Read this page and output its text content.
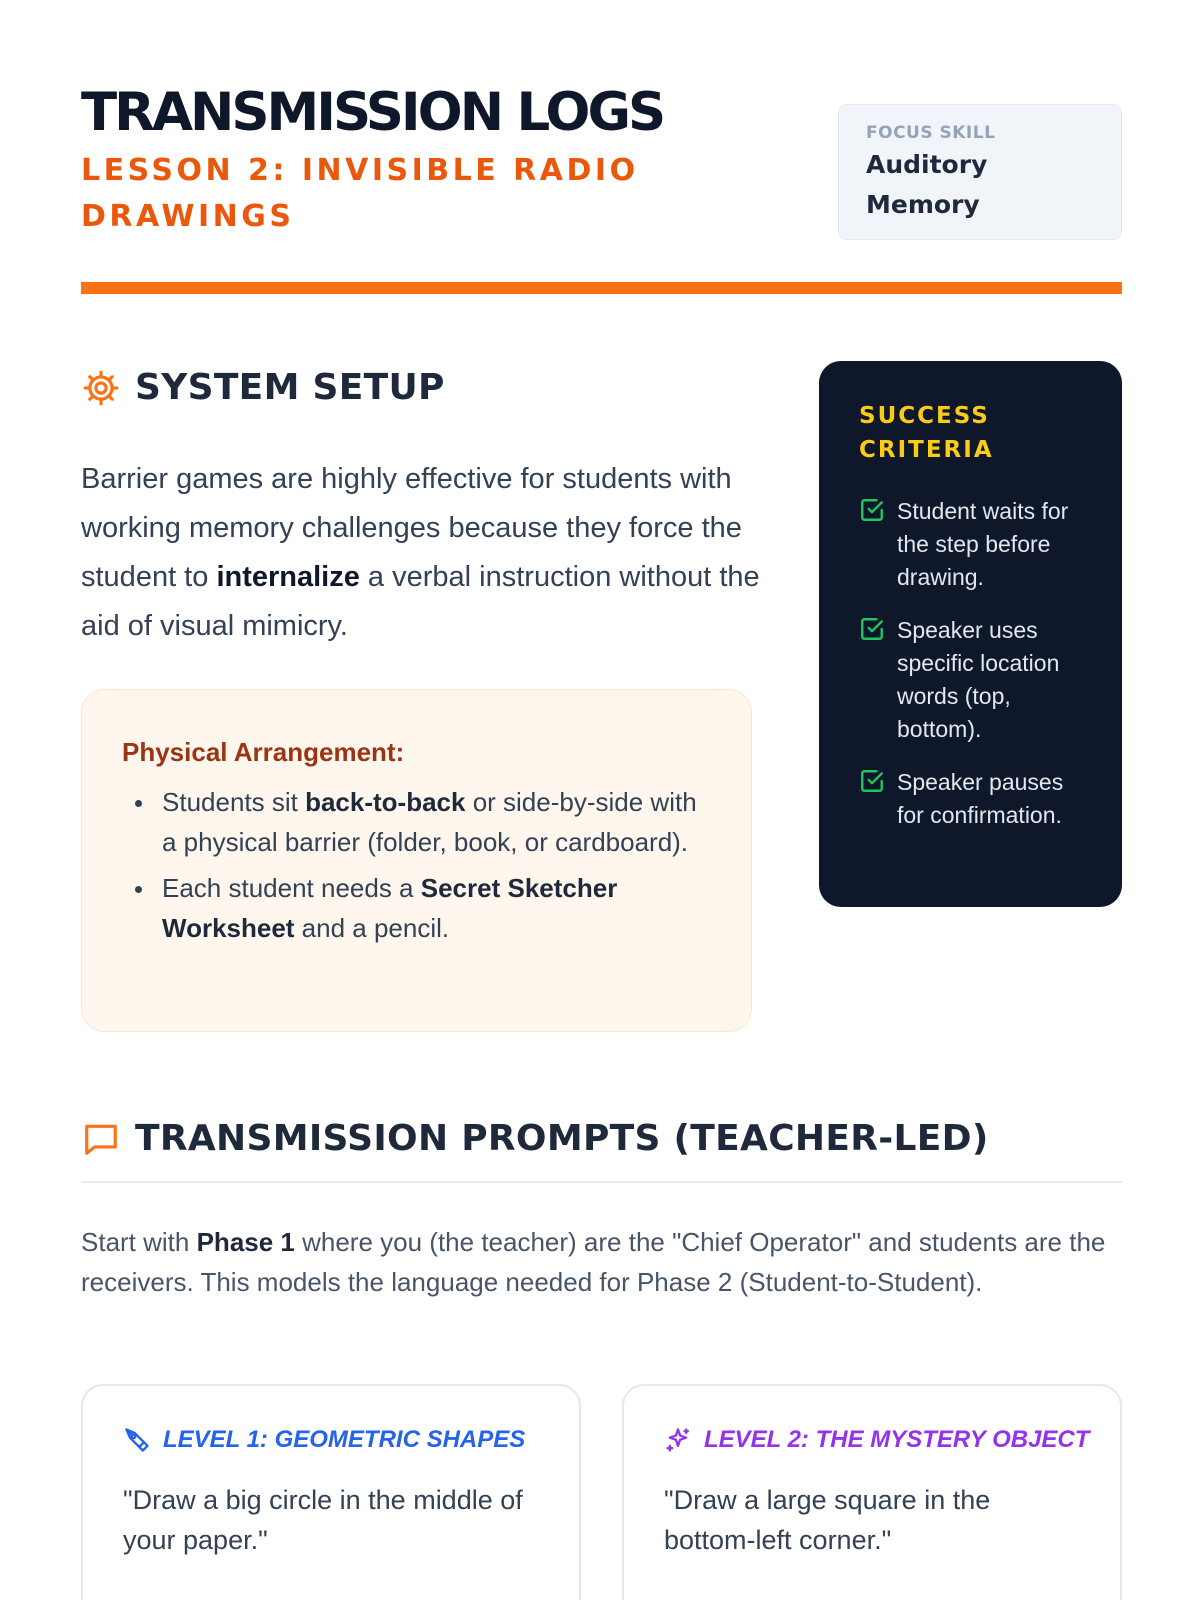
TRANSMISSION LOGS
LESSON 2: INVISIBLE RADIO DRAWINGS
FOCUS SKILL
Auditory Memory
SYSTEM SETUP

Barrier games are highly effective for students with working memory challenges because they force the student to internalize a verbal instruction without the aid of visual mimicry.

Physical Arrangement:
Students sit back-to-back or side-by-side with a physical barrier (folder, book, or cardboard).
Each student needs a Secret Sketcher Worksheet and a pencil.
SUCCESS CRITERIA
Student waits for the step before drawing.
Speaker uses specific location words (top, bottom).
Speaker pauses for confirmation.
TRANSMISSION PROMPTS (TEACHER-LED)

Start with Phase 1 where you (the teacher) are the "Chief Operator" and students are the receivers. This models the language needed for Phase 2 (Student-to-Student).

LEVEL 1: GEOMETRIC SHAPES
"Draw a big circle in the middle of your paper."
LEVEL 2: THE MYSTERY OBJECT
"Draw a large square in the bottom-left corner."
